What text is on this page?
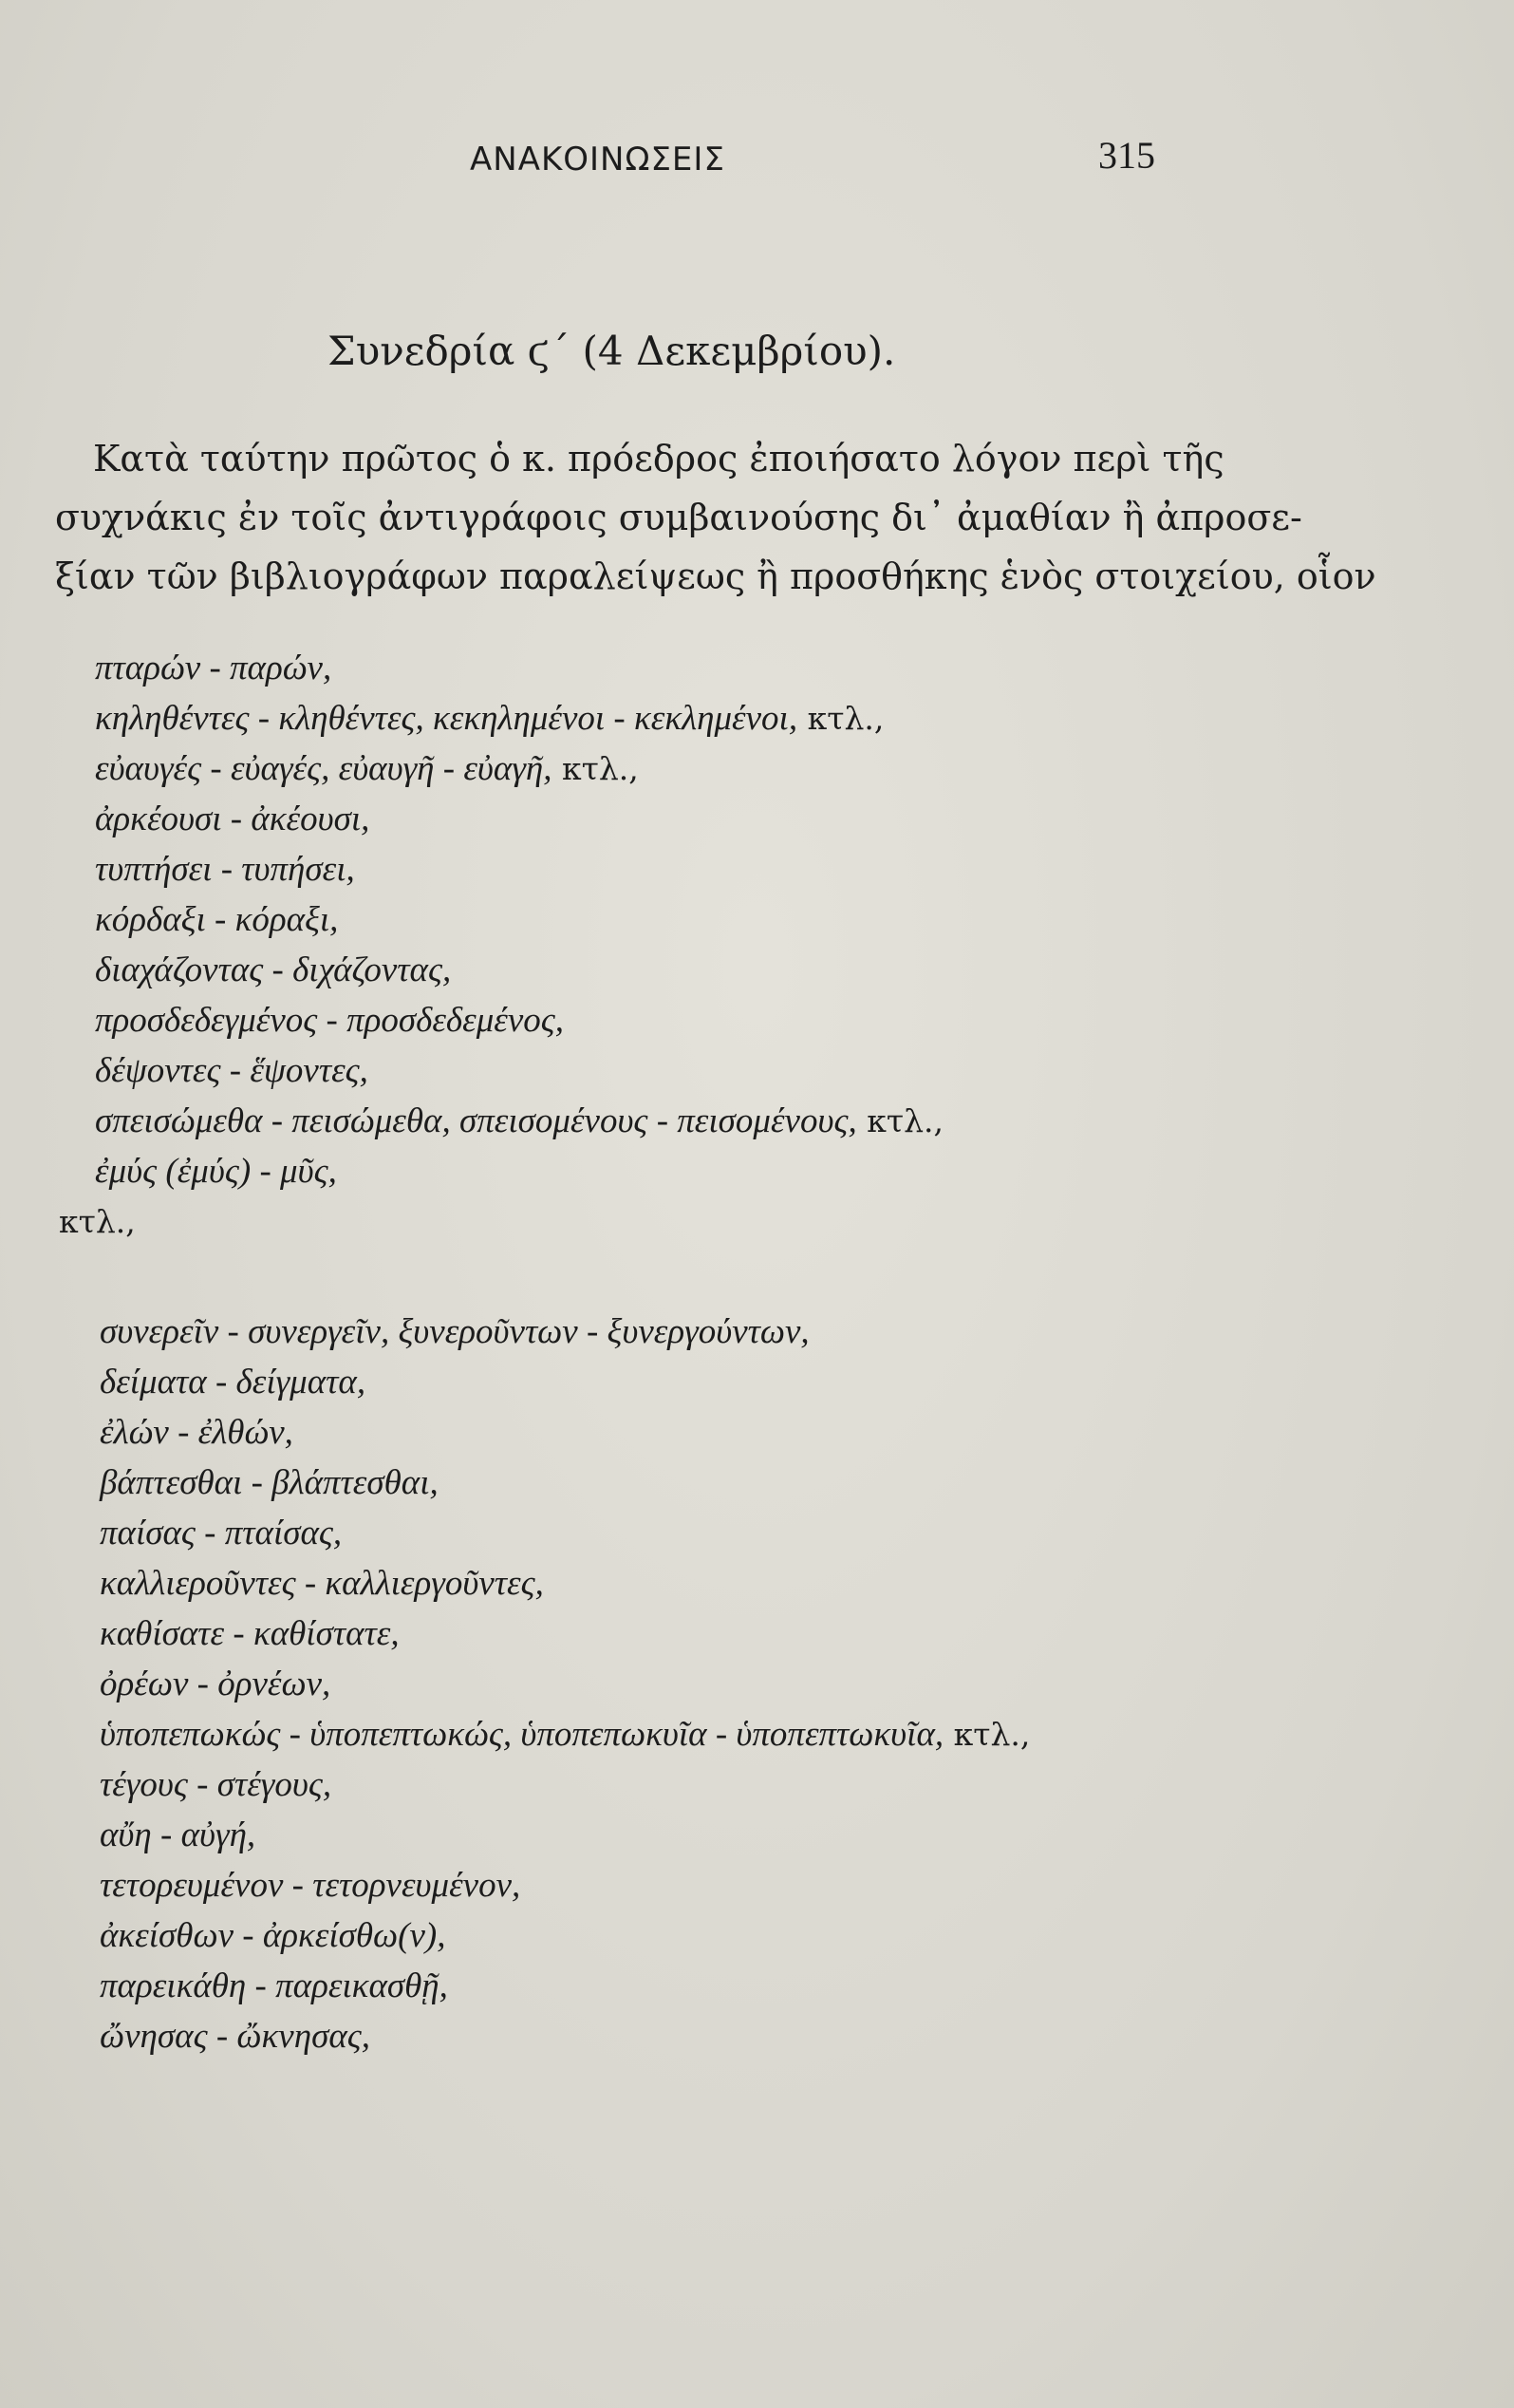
ΑΝΑΚΟΙΝΩΣΕΙΣ	315
Συνεδρία ϛ΄ (4 Δεκεμβρίου).
Κατὰ ταύτην πρῶτος ὁ κ. πρόεδρος ἐποιήσατο λόγον περὶ τῆς
συχνάκις ἐν τοῖς ἀντιγράφοις συμβαινούσης δι᾽ ἀμαθίαν ἢ ἀπροσε-
ξίαν τῶν βιβλιογράφων παραλείψεως ἢ προσθήκης ἑνὸς στοιχείου, οἷον
πταρών - παρών,
κηληθέντες - κληθέντες, κεκηλημένοι - κεκλημένοι, κτλ.,
εὐαυγές - εὐαγές, εὐαυγῆ - εὐαγῆ, κτλ.,
ἀρκέουσι - ἀκέουσι,
τυπτήσει - τυπήσει,
κόρδαξι - κόραξι,
διαχάζοντας - διχάζοντας,
προσδεδεγμένος - προσδεδεμένος,
δέψοντες - ἕψοντες,
σπεισώμεθα - πεισώμεθα, σπεισομένους - πεισομένους, κτλ.,
ἐμύς (ἐμύς) - μῦς,
κτλ.,
συνερεῖν - συνεργεῖν, ξυνεροῦντων - ξυνεργούντων,
δείματα - δείγματα,
ἐλών - ἐλθών,
βάπτεσθαι - βλάπτεσθαι,
παίσας - πταίσας,
καλλιεροῦντες - καλλιεργοῦντες,
καθίσατε - καθίστατε,
ὀρέων - ὀρνέων,
ὑποπεπωκώς - ὑποπεπτωκώς, ὑποπεπωκυῖα - ὑποπεπτωκυῖα, κτλ.,
τέγους - στέγους,
αὔη - αὐγή,
τετορευμένον - τετορνευμένον,
ἀκείσθων - ἀρκείσθω(ν),
παρεικάθη - παρεικασθῇ,
ὤνησας - ὤκνησας,
